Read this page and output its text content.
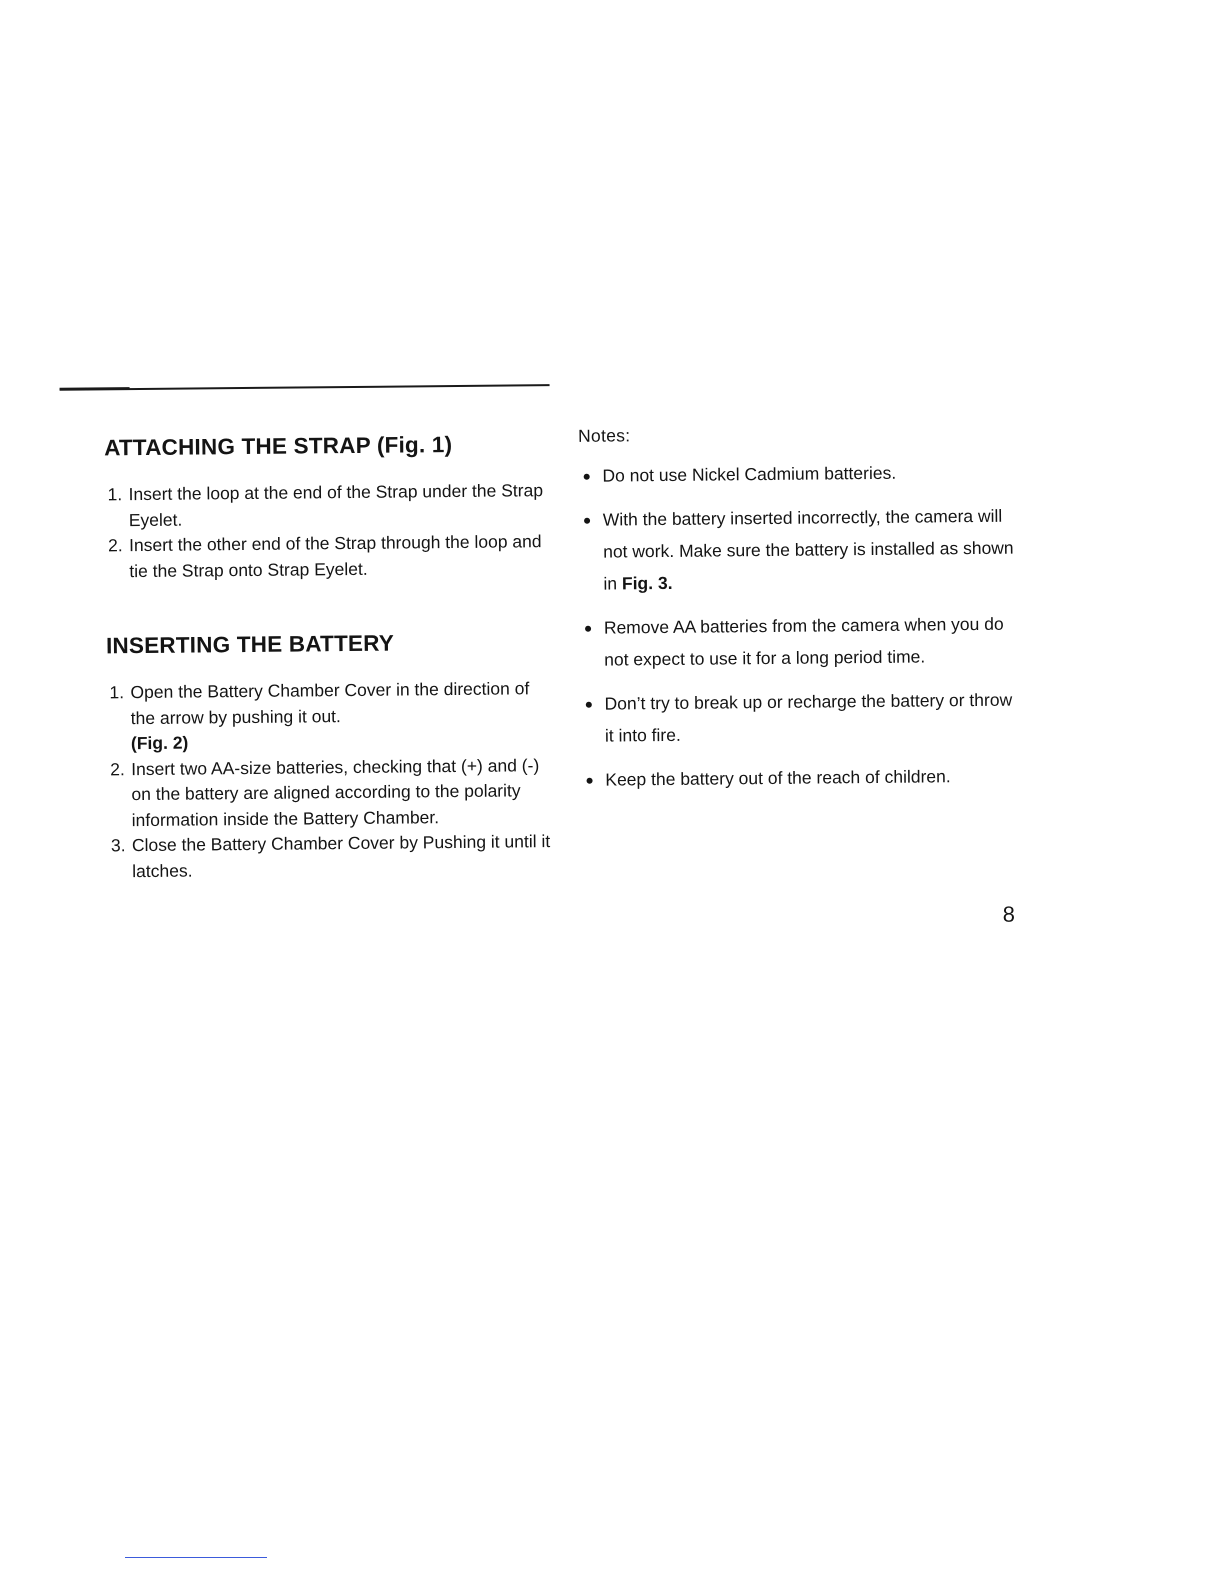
ATTACHING THE STRAP (Fig. 1)
1. Insert the loop at the end of the Strap under the Strap Eyelet.
2. Insert the other end of the Strap through the loop and tie the Strap onto Strap Eyelet.
INSERTING THE BATTERY
1. Open the Battery Chamber Cover in the direction of the arrow by pushing it out.
(Fig. 2)
2. Insert two AA-size batteries, checking that (+) and (-) on the battery are aligned according to the polarity information inside the Battery Chamber.
3. Close the Battery Chamber Cover by Pushing it until it latches.
Notes:
● Do not use Nickel Cadmium batteries.
● With the battery inserted incorrectly, the camera will not work. Make sure the battery is installed as shown in Fig. 3.
● Remove AA batteries from the camera when you do not expect to use it for a long period time.
● Don’t try to break up or recharge the battery or throw it into fire.
● Keep the battery out of the reach of children.
8
